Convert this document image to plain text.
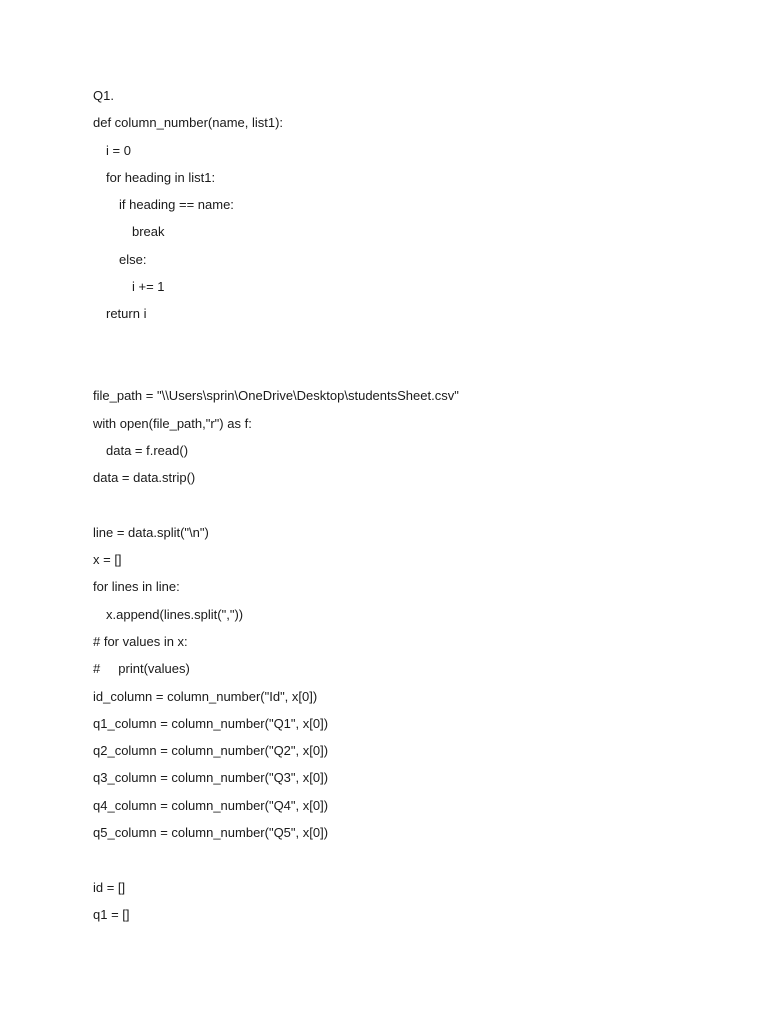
Q1.
def column_number(name, list1):
i = 0
for heading in list1:
if heading == name:
break
else:
i += 1
return i
file_path = "\\Users\sprin\OneDrive\Desktop\studentsSheet.csv"
with open(file_path,"r") as f:
data = f.read()
data = data.strip()
line = data.split("\n")
x = []
for lines in line:
x.append(lines.split(","))
# for values in x:
#     print(values)
id_column = column_number("Id", x[0])
q1_column = column_number("Q1", x[0])
q2_column = column_number("Q2", x[0])
q3_column = column_number("Q3", x[0])
q4_column = column_number("Q4", x[0])
q5_column = column_number("Q5", x[0])
id = []
q1 = []
